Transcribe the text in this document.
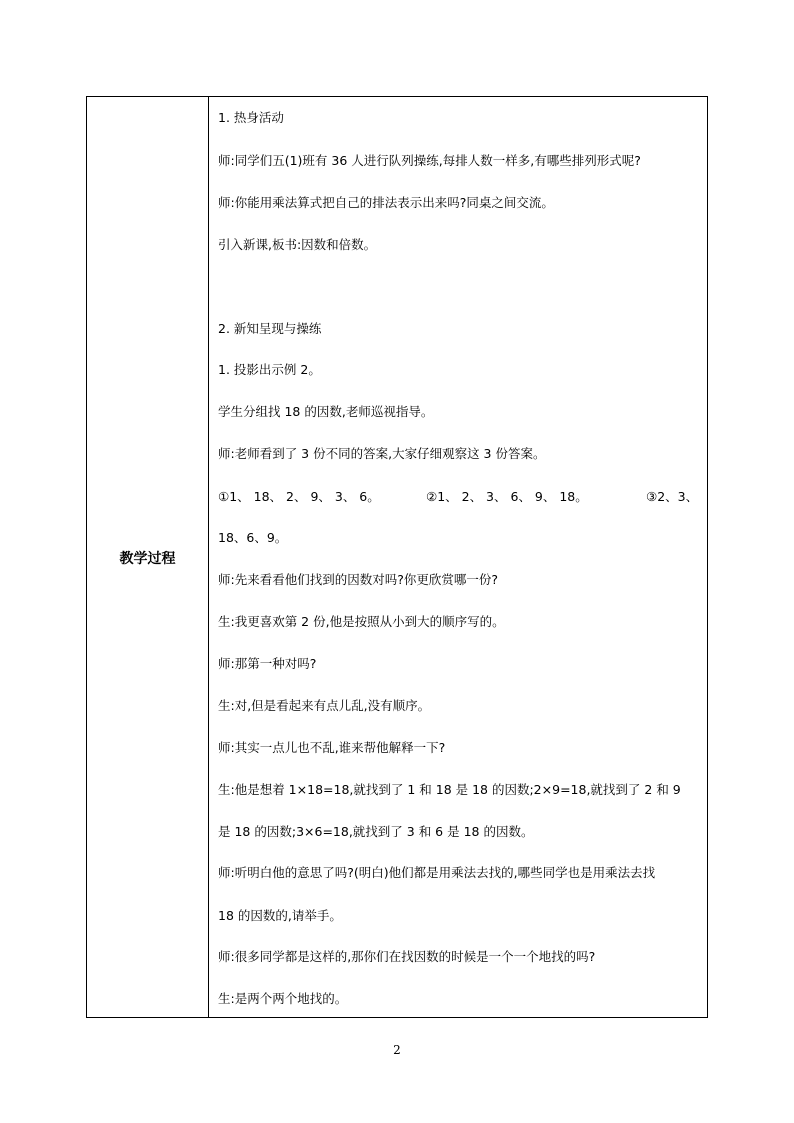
教学过程
1. 热身活动
师:同学们五(1)班有 36 人进行队列操练,每排人数一样多,有哪些排列形式呢?
师:你能用乘法算式把自己的排法表示出来吗?同桌之间交流。
引入新课,板书:因数和倍数。
2. 新知呈现与操练
1. 投影出示例 2。
学生分组找 18 的因数,老师巡视指导。
师:老师看到了 3 份不同的答案,大家仔细观察这 3 份答案。
①1、 18、 2、 9、 3、 6。	②1、 2、 3、 6、 9、 18。	③2、3、
18、6、9。
师:先来看看他们找到的因数对吗?你更欣赏哪一份?
生:我更喜欢第 2 份,他是按照从小到大的顺序写的。
师:那第一种对吗?
生:对,但是看起来有点儿乱,没有顺序。
师:其实一点儿也不乱,谁来帮他解释一下?
生:他是想着 1×18=18,就找到了 1 和 18 是 18 的因数;2×9=18,就找到了 2 和 9
是 18 的因数;3×6=18,就找到了 3 和 6 是 18 的因数。
师:听明白他的意思了吗?(明白)他们都是用乘法去找的,哪些同学也是用乘法去找
18 的因数的,请举手。
师:很多同学都是这样的,那你们在找因数的时候是一个一个地找的吗?
生:是两个两个地找的。
2
